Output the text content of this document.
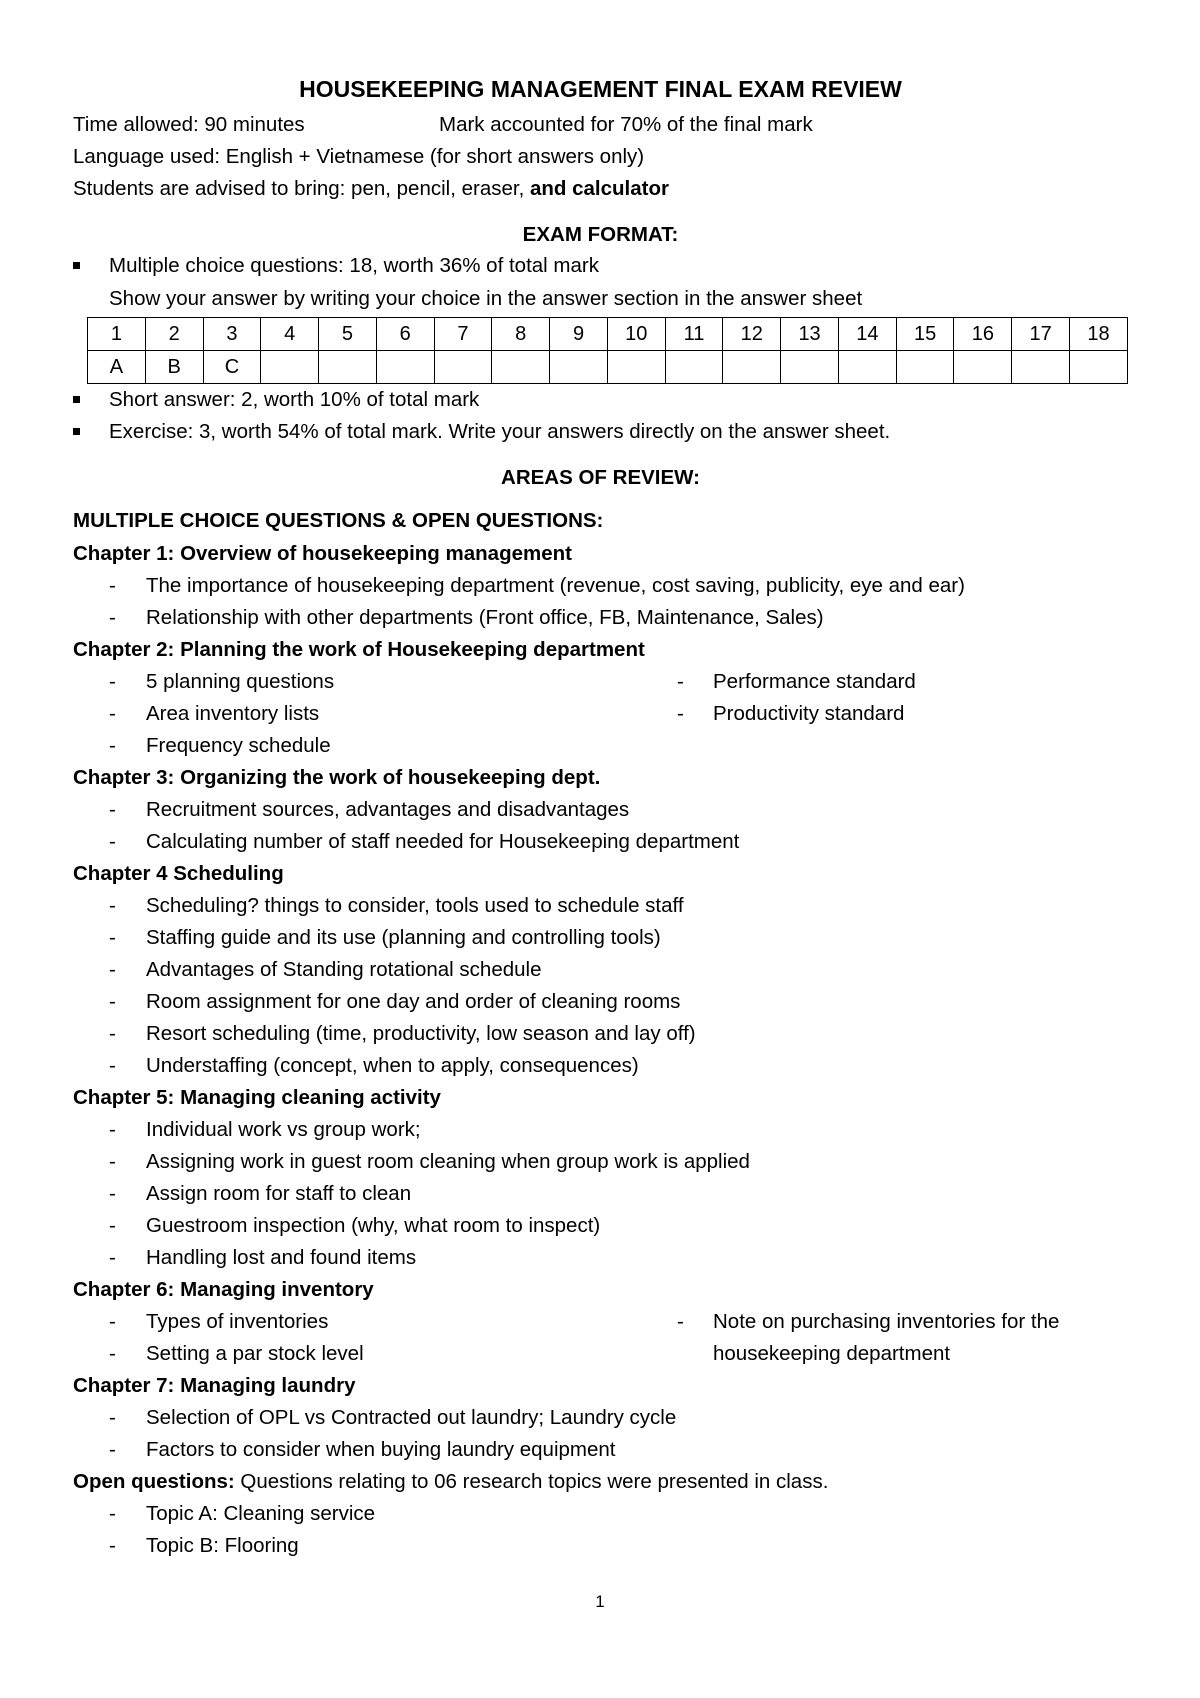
HOUSEKEEPING MANAGEMENT FINAL EXAM REVIEW
Time allowed: 90 minutes	Mark accounted for 70% of the final mark
Language used: English + Vietnamese (for short answers only)
Students are advised to bring: pen, pencil, eraser, and calculator
EXAM FORMAT:
Multiple choice questions: 18, worth 36% of total mark
Show your answer by writing your choice in the answer section in the answer sheet
1	2	3	4	5	6	7	8	9	10	11	12	13	14	15	16	17	18
A	B	C															
Short answer: 2, worth 10% of total mark
Exercise: 3, worth 54% of total mark. Write your answers directly on the answer sheet.
AREAS OF REVIEW:
MULTIPLE CHOICE QUESTIONS & OPEN QUESTIONS:
Chapter 1: Overview of housekeeping management
- The importance of housekeeping department (revenue, cost saving, publicity, eye and ear)
- Relationship with other departments (Front office, FB, Maintenance, Sales)
Chapter 2: Planning the work of Housekeeping department
- 5 planning questions	- Performance standard
- Area inventory lists	- Productivity standard
- Frequency schedule
Chapter 3: Organizing the work of housekeeping dept.
- Recruitment sources, advantages and disadvantages
- Calculating number of staff needed for Housekeeping department
Chapter 4 Scheduling
- Scheduling? things to consider, tools used to schedule staff
- Staffing guide and its use (planning and controlling tools)
- Advantages of Standing rotational schedule
- Room assignment for one day and order of cleaning rooms
- Resort scheduling (time, productivity, low season and lay off)
- Understaffing (concept, when to apply, consequences)
Chapter 5: Managing cleaning activity
- Individual work vs group work;
- Assigning work in guest room cleaning when group work is applied
- Assign room for staff to clean
- Guestroom inspection (why, what room to inspect)
- Handling lost and found items
Chapter 6: Managing inventory
- Types of inventories	- Note on purchasing inventories for the
- Setting a par stock level	housekeeping department
Chapter 7: Managing laundry
- Selection of OPL vs Contracted out laundry; Laundry cycle
- Factors to consider when buying laundry equipment
Open questions: Questions relating to 06 research topics were presented in class.
- Topic A: Cleaning service
- Topic B: Flooring
1
